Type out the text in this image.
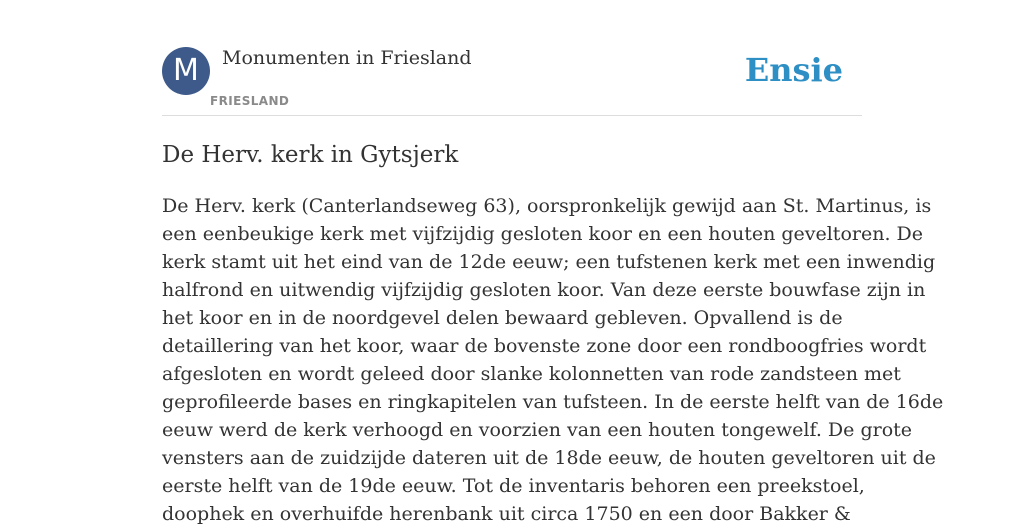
M	Monumenten in Friesland
FRIESLAND
Ensie
De Herv. kerk in Gytsjerk
De Herv. kerk (Canterlandseweg 63), oorspronkelijk gewijd aan St. Martinus, is
een eenbeukige kerk met vijfzijdig gesloten koor en een houten geveltoren. De
kerk stamt uit het eind van de 12de eeuw; een tufstenen kerk met een inwendig
halfrond en uitwendig vijfzijdig gesloten koor. Van deze eerste bouwfase zijn in
het koor en in de noordgevel delen bewaard gebleven. Opvallend is de
detaillering van het koor, waar de bovenste zone door een rondboogfries wordt
afgesloten en wordt geleed door slanke kolonnetten van rode zandsteen met
geprofileerde bases en ringkapitelen van tufsteen. In de eerste helft van de 16de
eeuw werd de kerk verhoogd en voorzien van een houten tongewelf. De grote
vensters aan de zuidzijde dateren uit de 18de eeuw, de houten geveltoren uit de
eerste helft van de 19de eeuw. Tot de inventaris behoren een preekstoel,
doophek en overhuifde herenbank uit circa 1750 en een door Bakker &
